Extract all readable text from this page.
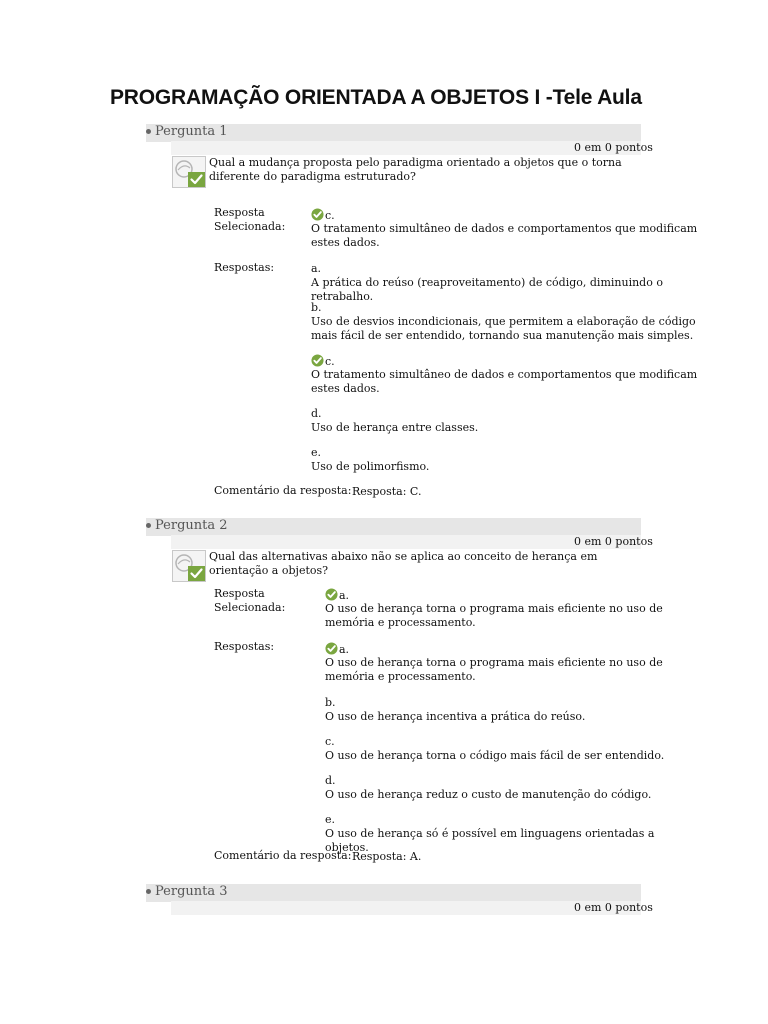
PROGRAMAÇÃO ORIENTADA A OBJETOS I -Tele Aula
Pergunta 1
0 em 0 pontos
Qual a mudança proposta pelo paradigma orientado a objetos que o torna diferente do paradigma estruturado?
Resposta
Selecionada:
c.
O tratamento simultâneo de dados e comportamentos que modificam estes dados.
Respostas:	a.
A prática do reúso (reaproveitamento) de código, diminuindo o retrabalho.
b.
Uso de desvios incondicionais, que permitem a elaboração de código mais fácil de ser entendido, tornando sua manutenção mais simples.
c.
O tratamento simultâneo de dados e comportamentos que modificam estes dados.
d.
Uso de herança entre classes.
e.
Uso de polimorfismo.
Comentário da resposta: Resposta: C.
Pergunta 2
0 em 0 pontos
Qual das alternativas abaixo não se aplica ao conceito de herança em orientação a objetos?
Resposta
Selecionada:
a.
O uso de herança torna o programa mais eficiente no uso de memória e processamento.
Respostas:	a.
O uso de herança torna o programa mais eficiente no uso de memória e processamento.
b.
O uso de herança incentiva a prática do reúso.
c.
O uso de herança torna o código mais fácil de ser entendido.
d.
O uso de herança reduz o custo de manutenção do código.
e.
O uso de herança só é possível em linguagens orientadas a objetos.
Comentário da resposta: Resposta: A.
Pergunta 3
0 em 0 pontos
